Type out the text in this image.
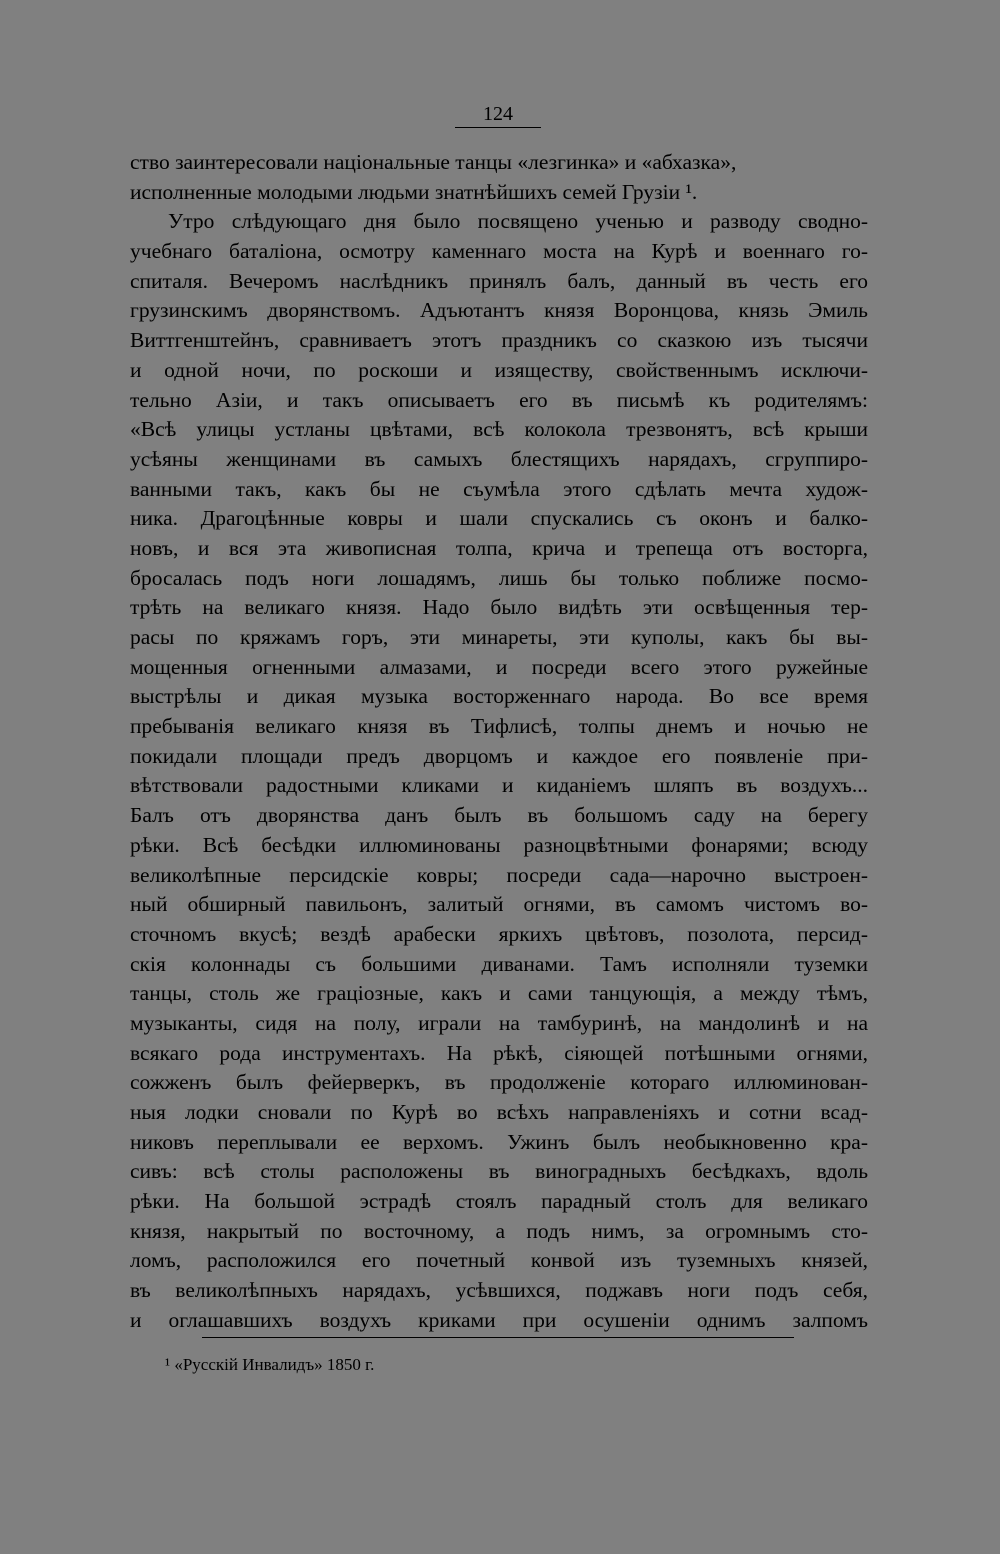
124
ство заинтересовали національные танцы «лезгинка» и «абхазка»,
исполненные молодыми людьми знатнѣйшихъ семей Грузіи ¹.
Утро слѣдующаго дня было посвящено ученью и разводу сводно-
учебнаго баталіона, осмотру каменнаго моста на Курѣ и военнаго го-
спиталя. Вечеромъ наслѣдникъ принялъ балъ, данный въ честь его
грузинскимъ дворянствомъ. Адъютантъ князя Воронцова, князь Эмиль
Виттгенштейнъ, сравниваетъ этотъ праздникъ со сказкою изъ тысячи
и одной ночи, по роскоши и изяществу, свойственнымъ исключи-
тельно Азіи, и такъ описываетъ его въ письмѣ къ родителямъ:
«Всѣ улицы устланы цвѣтами, всѣ колокола трезвонятъ, всѣ крыши
усѣяны женщинами въ самыхъ блестящихъ нарядахъ, сгруппиро-
ванными такъ, какъ бы не съумѣла этого сдѣлать мечта худож-
ника. Драгоцѣнные ковры и шали спускались съ оконъ и балко-
новъ, и вся эта живописная толпа, крича и трепеща отъ восторга,
бросалась подъ ноги лошадямъ, лишь бы только поближе посмо-
трѣть на великаго князя. Надо было видѣть эти освѣщенныя тер-
расы по кряжамъ горъ, эти минареты, эти куполы, какъ бы вы-
мощенныя огненными алмазами, и посреди всего этого ружейные
выстрѣлы и дикая музыка восторженнаго народа. Во все время
пребыванія великаго князя въ Тифлисѣ, толпы днемъ и ночью не
покидали площади предъ дворцомъ и каждое его появленіе при-
вѣтствовали радостными кликами и киданіемъ шляпъ въ воздухъ...
Балъ отъ дворянства данъ былъ въ большомъ саду на берегу
рѣки. Всѣ бесѣдки иллюминованы разноцвѣтными фонарями; всюду
великолѣпные персидскіе ковры; посреди сада—нарочно выстроен-
ный обширный павильонъ, залитый огнями, въ самомъ чистомъ во-
сточномъ вкусѣ; вездѣ арабески яркихъ цвѣтовъ, позолота, персид-
скія колоннады съ большими диванами. Тамъ исполняли туземки
танцы, столь же граціозные, какъ и сами танцующія, а между тѣмъ,
музыканты, сидя на полу, играли на тамбуринѣ, на мандолинѣ и на
всякаго рода инструментахъ. На рѣкѣ, сіяющей потѣшными огнями,
сожженъ былъ фейерверкъ, въ продолженіе котораго иллюминован-
ныя лодки сновали по Курѣ во всѣхъ направленіяхъ и сотни всад-
никовъ переплывали ее верхомъ. Ужинъ былъ необыкновенно кра-
сивъ: всѣ столы расположены въ виноградныхъ бесѣдкахъ, вдоль
рѣки. На большой эстрадѣ стоялъ парадный столъ для великаго
князя, накрытый по восточному, а подъ нимъ, за огромнымъ сто-
ломъ, расположился его почетный конвой изъ туземныхъ князей,
въ великолѣпныхъ нарядахъ, усѣвшихся, поджавъ ноги подъ себя,
и оглашавшихъ воздухъ криками при осушеніи однимъ залпомъ
¹ «Русскій Инвалидъ» 1850 г.
